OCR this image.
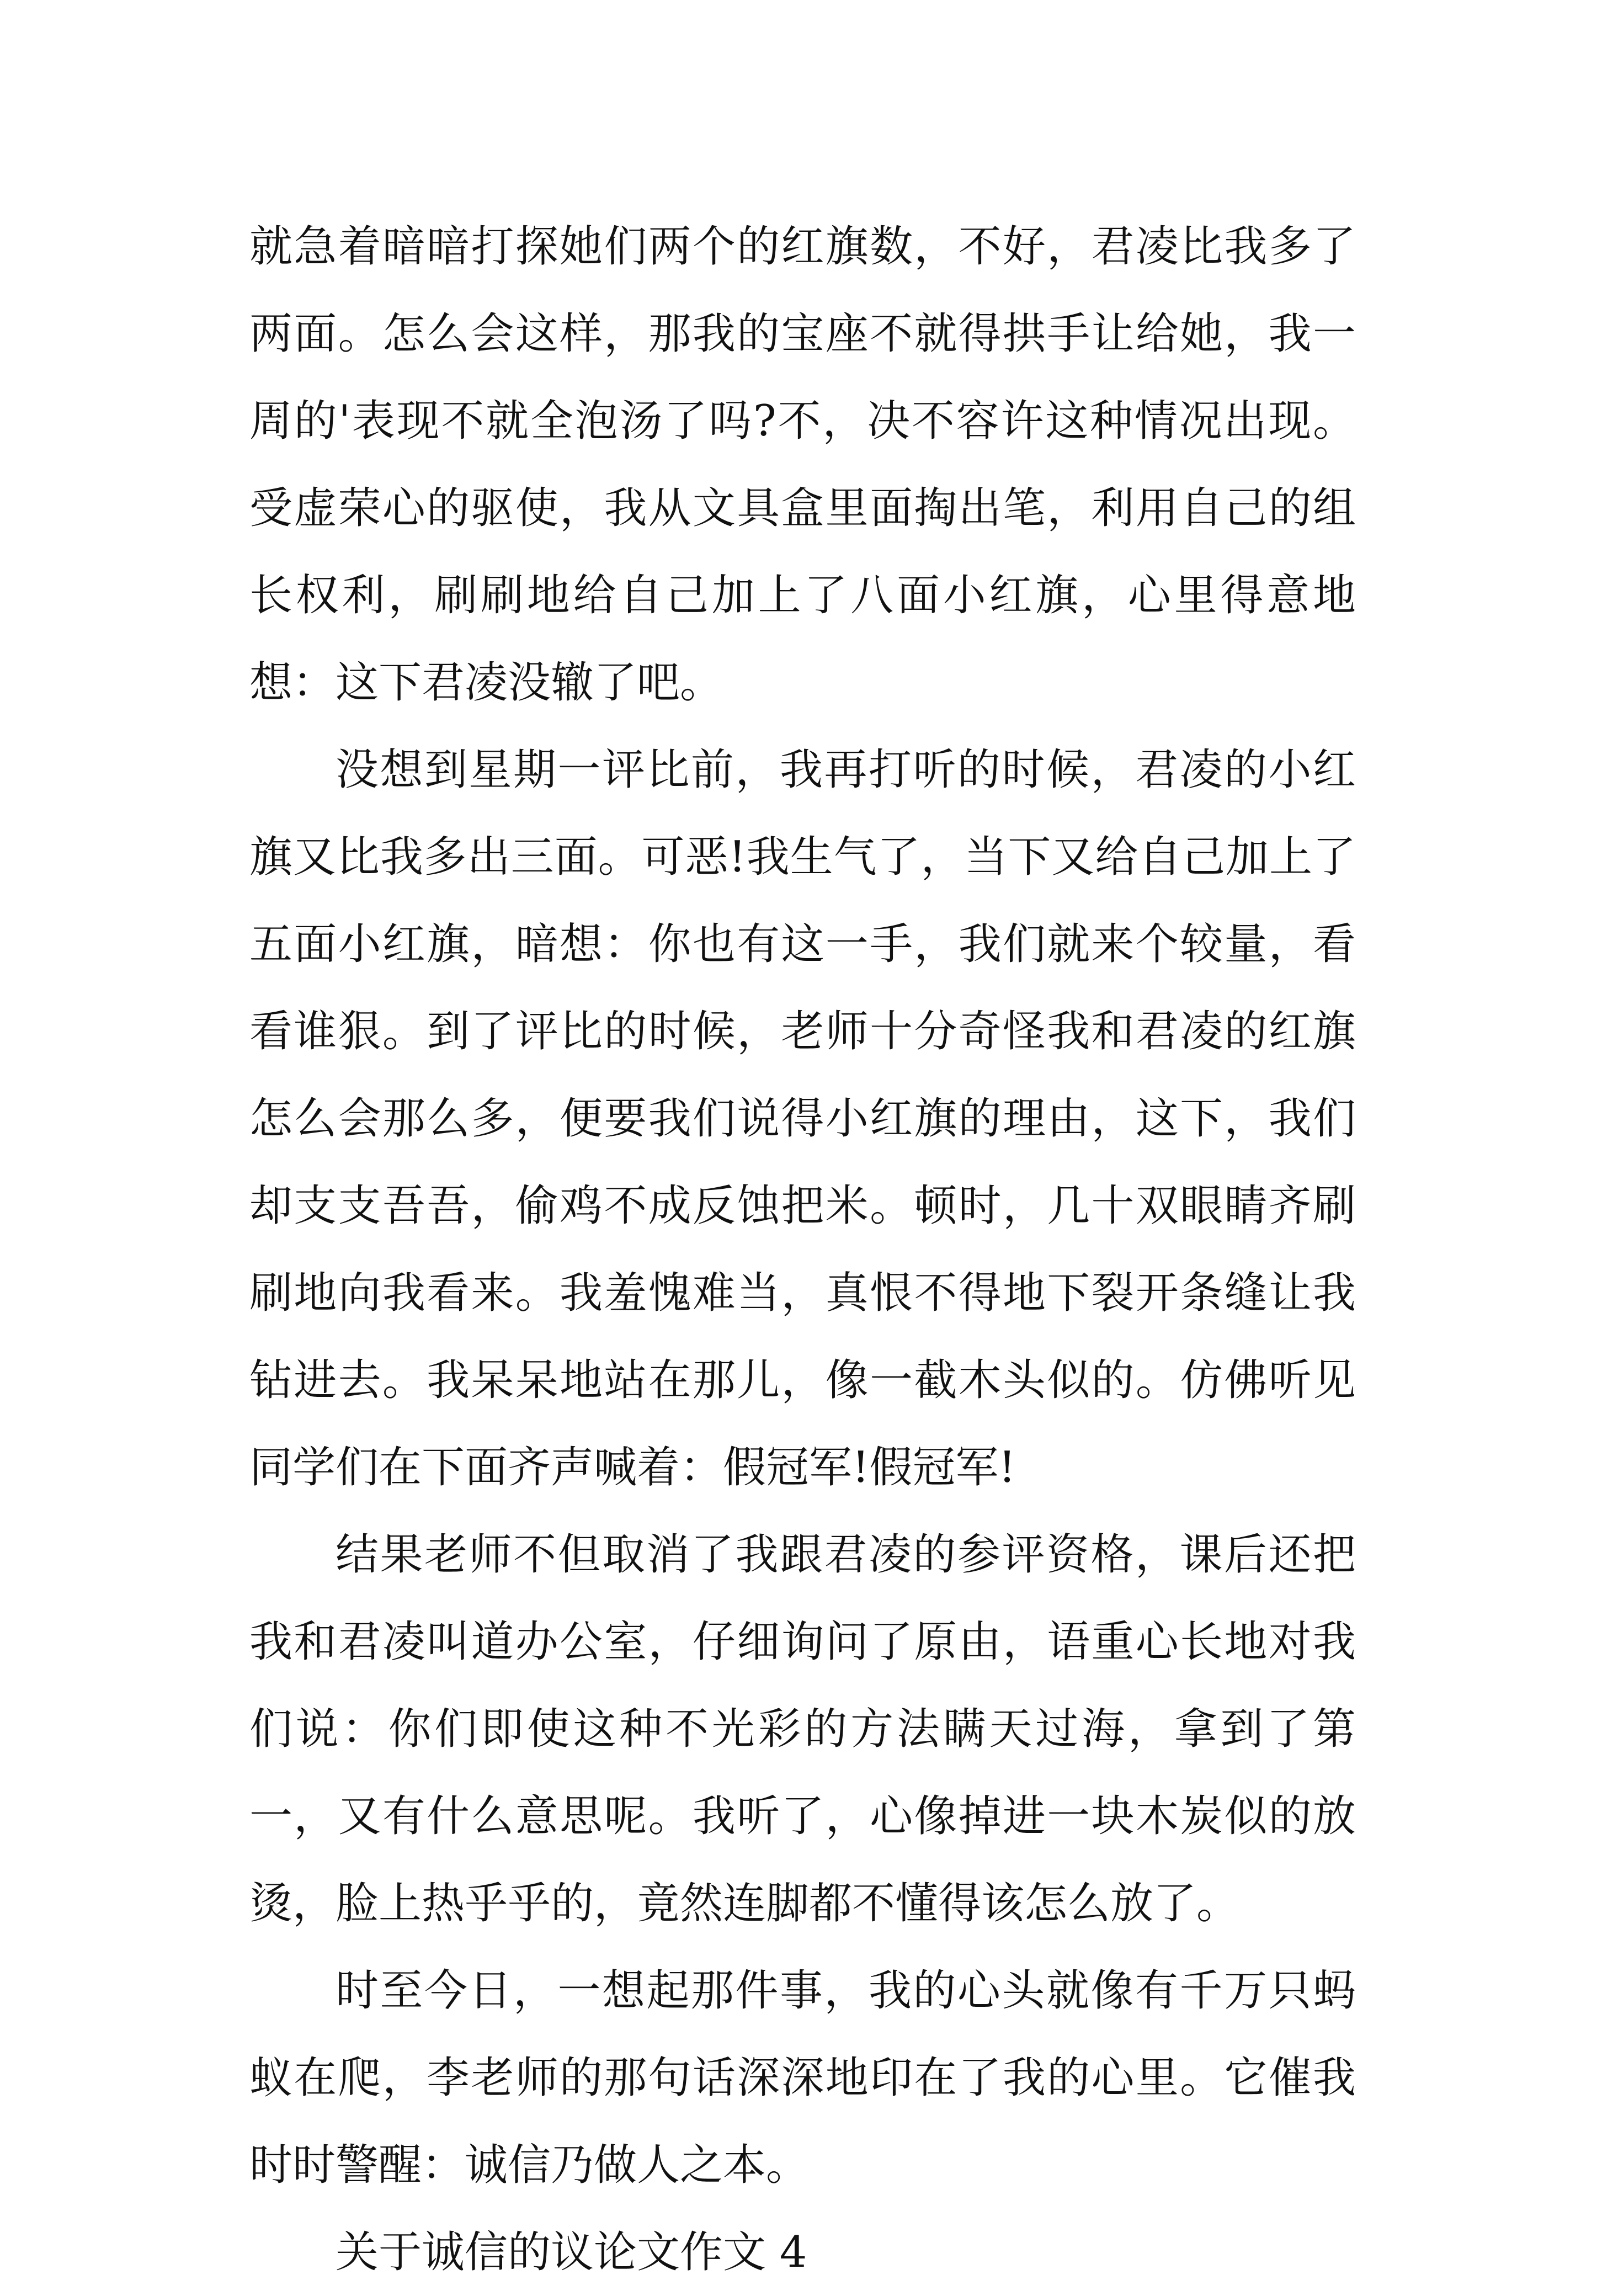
就急着暗暗打探她们两个的红旗数，不好，君凌比我多了两面。怎么会这样，那我的宝座不就得拱手让给她，我一周的'表现不就全泡汤了吗?不，决不容许这种情况出现。受虚荣心的驱使，我从文具盒里面掏出笔，利用自己的组长权利，刷刷地给自己加上了八面小红旗，心里得意地想：这下君凌没辙了吧。

没想到星期一评比前，我再打听的时候，君凌的小红旗又比我多出三面。可恶!我生气了，当下又给自己加上了五面小红旗，暗想：你也有这一手，我们就来个较量，看看谁狠。到了评比的时候，老师十分奇怪我和君凌的红旗怎么会那么多，便要我们说得小红旗的理由，这下，我们却支支吾吾，偷鸡不成反蚀把米。顿时，几十双眼睛齐刷刷地向我看来。我羞愧难当，真恨不得地下裂开条缝让我钻进去。我呆呆地站在那儿，像一截木头似的。仿佛听见同学们在下面齐声喊着：假冠军!假冠军!

结果老师不但取消了我跟君凌的参评资格，课后还把我和君凌叫道办公室，仔细询问了原由，语重心长地对我们说：你们即使这种不光彩的方法瞒天过海，拿到了第一，又有什么意思呢。我听了，心像掉进一块木炭似的放烫，脸上热乎乎的，竟然连脚都不懂得该怎么放了。

时至今日，一想起那件事，我的心头就像有千万只蚂蚁在爬，李老师的那句话深深地印在了我的心里。它催我时时警醒：诚信乃做人之本。

关于诚信的议论文作文 4
